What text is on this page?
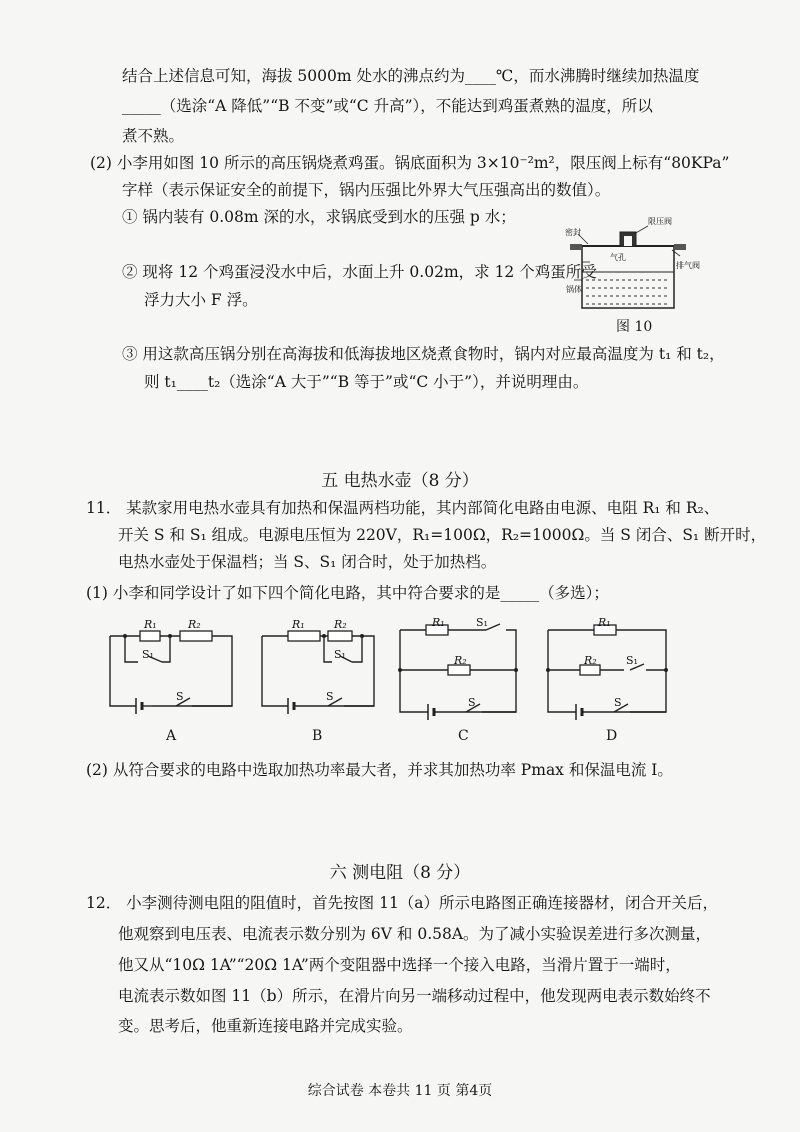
结合上述信息可知，海拔 5000m 处水的沸点约为____℃，而水沸腾时继续加热温度
_____（选涂“A 降低”“B 不变”或“C 升高”），不能达到鸡蛋煮熟的温度，所以
煮不熟。
(2) 小李用如图 10 所示的高压锅烧煮鸡蛋。锅底面积为 3×10⁻²m²，限压阀上标有“80KPa”
字样（表示保证安全的前提下，锅内压强比外界大气压强高出的数值）。
① 锅内装有 0.08m 深的水，求锅底受到水的压强 p 水；
② 现将 12 个鸡蛋浸没水中后，水面上升 0.02m，求 12 个鸡蛋所受
浮力大小 F 浮。
③ 用这款高压锅分别在高海拔和低海拔地区烧煮食物时，锅内对应最高温度为 t₁ 和 t₂，
则 t₁____t₂（选涂“A 大于”“B 等于”或“C 小于”），并说明理由。
密封
限压阀
气孔
排气阀
锅体
图 10
五 电热水壶（8 分）
11． 某款家用电热水壶具有加热和保温两档功能，其内部简化电路由电源、电阻 R₁ 和 R₂、
开关 S 和 S₁ 组成。电源电压恒为 220V，R₁=100Ω，R₂=1000Ω。当 S 闭合、S₁ 断开时，
电热水壶处于保温档；当 S、S₁ 闭合时，处于加热档。
(1) 小李和同学设计了如下四个简化电路，其中符合要求的是_____（多选）；
R₁	R₂
S₁
S
R₁	R₂
S₁
S
R₁	S₁
R₂
S
R₁
R₂	S₁
S
A	B	C	D
(2) 从符合要求的电路中选取加热功率最大者，并求其加热功率 Pmax 和保温电流 I。
六 测电阻（8 分）
12． 小李测待测电阻的阻值时，首先按图 11（a）所示电路图正确连接器材，闭合开关后，
他观察到电压表、电流表示数分别为 6V 和 0.58A。为了减小实验误差进行多次测量，
他又从“10Ω 1A”“20Ω 1A”两个变阻器中选择一个接入电路，当滑片置于一端时，
电流表示数如图 11（b）所示，在滑片向另一端移动过程中，他发现两电表示数始终不
变。思考后，他重新连接电路并完成实验。
综合试卷 本卷共 11 页 第4页
